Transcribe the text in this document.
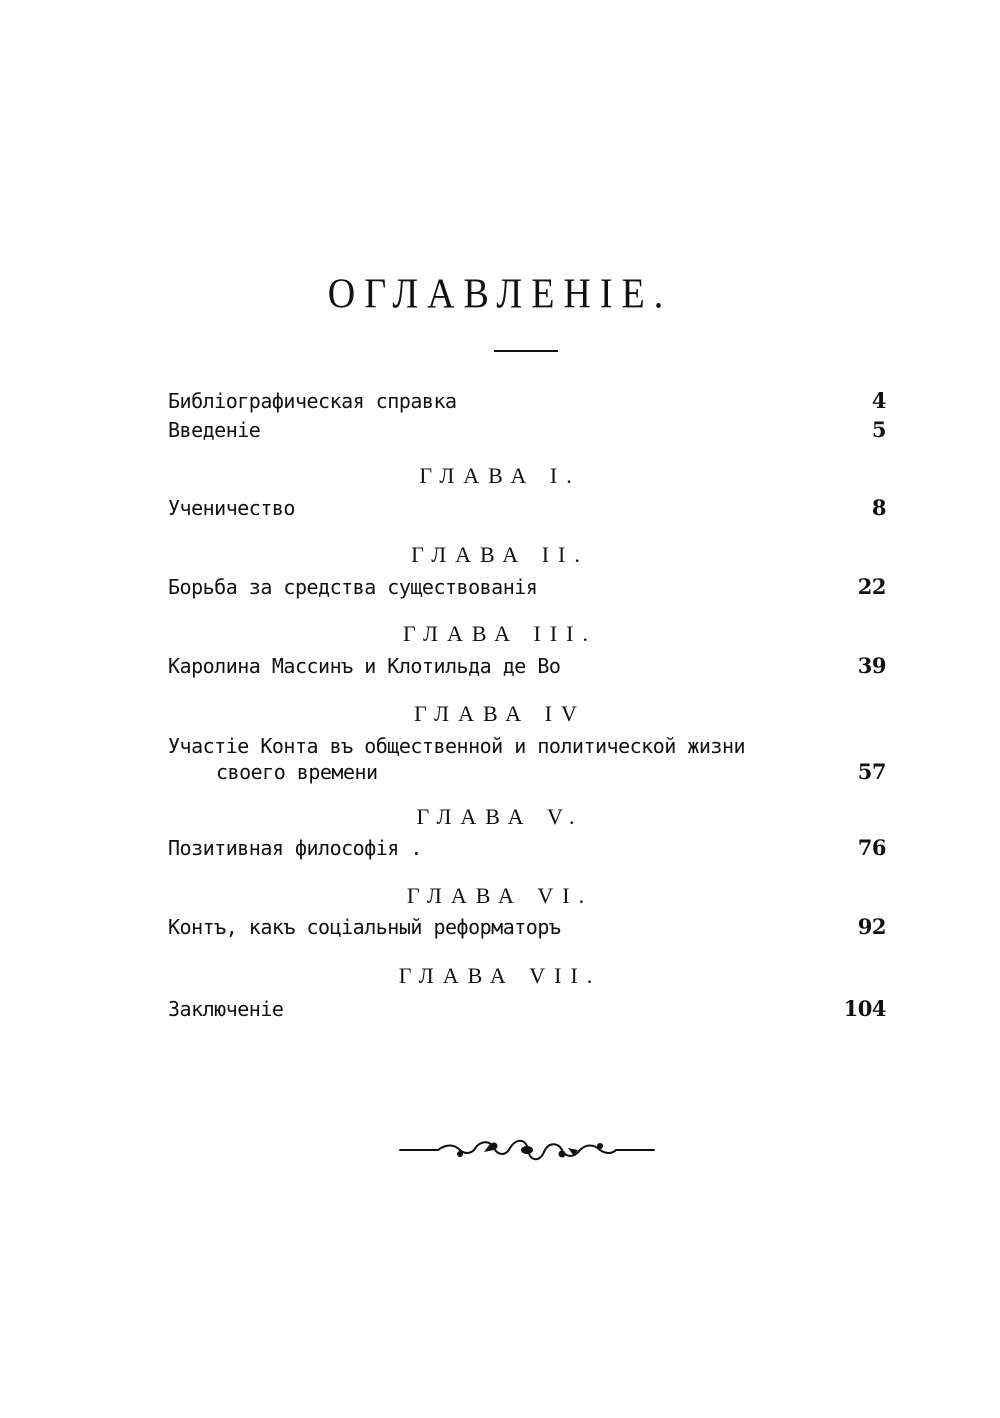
ОГЛАВЛЕНІЕ.
Библіографическая справка	4
Введеніе	5
ГЛАВА I.
Ученичество	8
ГЛАВА II.
Борьба за средства существованія	22
ГЛАВА III.
Каролина Массинъ и Клотильда де Во	39
ГЛАВА IV
Участіе Конта въ общественной и политической жизни
своего времени	57
ГЛАВА V.
Позитивная философія .	76
ГЛАВА VI.
Контъ, какъ соціальный реформаторъ	92
ГЛАВА VII.
Заключеніе	104
